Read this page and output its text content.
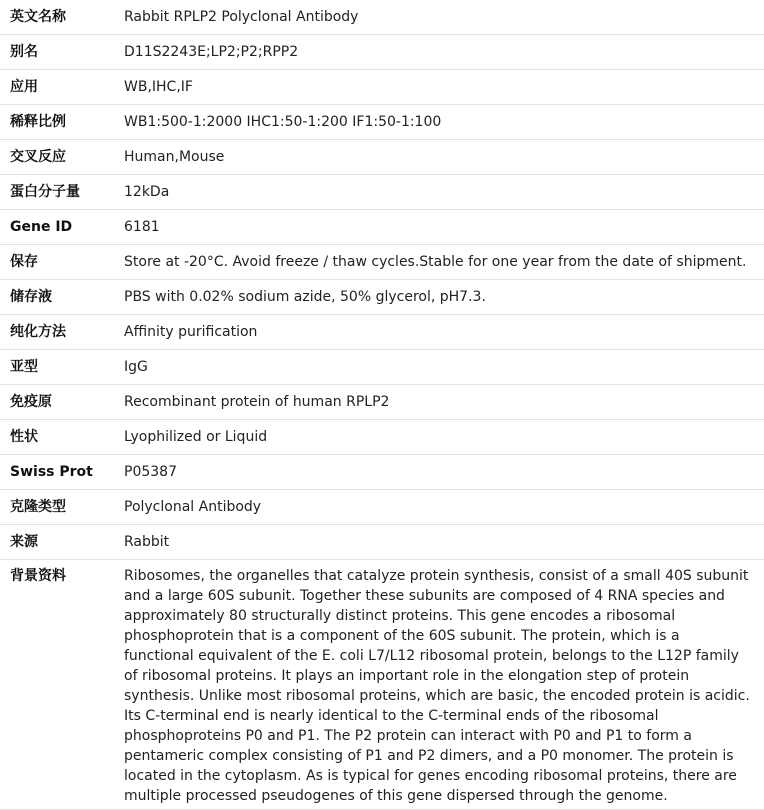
英文名称	Rabbit RPLP2 Polyclonal Antibody
别名	D11S2243E;LP2;P2;RPP2
应用	WB,IHC,IF
稀释比例	WB1:500-1:2000 IHC1:50-1:200 IF1:50-1:100
交叉反应	Human,Mouse
蛋白分子量	12kDa
Gene ID	6181
保存	Store at -20°C. Avoid freeze / thaw cycles.Stable for one year from the date of shipment.
储存液	PBS with 0.02% sodium azide, 50% glycerol, pH7.3.
纯化方法	Affinity purification
亚型	IgG
免疫原	Recombinant protein of human RPLP2
性状	Lyophilized or Liquid
Swiss Prot	P05387
克隆类型	Polyclonal Antibody
来源	Rabbit
背景资料	Ribosomes, the organelles that catalyze protein synthesis, consist of a small 40S subunit and a large 60S subunit. Together these subunits are composed of 4 RNA species and approximately 80 structurally distinct proteins. This gene encodes a ribosomal phosphoprotein that is a component of the 60S subunit. The protein, which is a functional equivalent of the E. coli L7/L12 ribosomal protein, belongs to the L12P family of ribosomal proteins. It plays an important role in the elongation step of protein synthesis. Unlike most ribosomal proteins, which are basic, the encoded protein is acidic. Its C-terminal end is nearly identical to the C-terminal ends of the ribosomal phosphoproteins P0 and P1. The P2 protein can interact with P0 and P1 to form a pentameric complex consisting of P1 and P2 dimers, and a P0 monomer. The protein is located in the cytoplasm. As is typical for genes encoding ribosomal proteins, there are multiple processed pseudogenes of this gene dispersed through the genome.
